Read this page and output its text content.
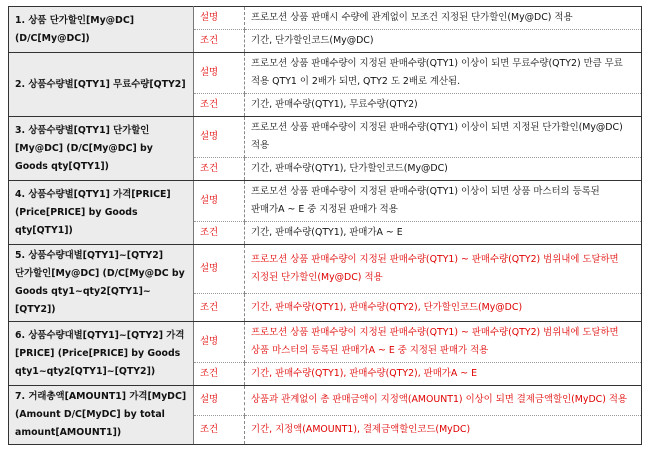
1. 상품 단가할인[My@DC] (D/C[My@DC])	설명	프로모션 상품 판매시 수량에 관계없이 모조건 지정된 단가할인(My@DC) 적용
	조건	기간, 단가할인코드(My@DC)
2. 상품수량별[QTY1] 무료수량[QTY2]	설명	프로모션 상품 판매수량이 지정된 판매수량(QTY1) 이상이 되면 무료수량(QTY2) 만큼 무료 적용 QTY1 이 2배가 되면, QTY2 도 2배로 계산됨.
	조건	기간, 판매수량(QTY1), 무료수량(QTY2)
3. 상품수량별[QTY1] 단가할인 [My@DC] (D/C[My@DC] by Goods qty[QTY1])	설명	프로모션 상품 판매수량이 지정된 판매수량(QTY1) 이상이 되면 지정된 단가할인(My@DC) 적용
	조건	기간, 판매수량(QTY1), 단가할인코드(My@DC)
4. 상품수량별[QTY1] 가격[PRICE] (Price[PRICE] by Goods qty[QTY1])	설명	프로모션 상품 판매수량이 지정된 판매수량(QTY1) 이상이 되면 상품 마스터의 등록된 판매가A ~ E 중 지정된 판매가 적용
	조건	기간, 판매수량(QTY1), 판매가A ~ E
5. 상품수량대별[QTY1]~[QTY2] 단가할인[My@DC] (D/C[My@DC by Goods qty1~qty2[QTY1]~[QTY2])	설명	프로모션 상품 판매수량이 지정된 판매수량(QTY1) ~ 판매수량(QTY2) 범위내에 도달하면 지정된 단가할인(My@DC) 적용
	조건	기간, 판매수량(QTY1), 판매수량(QTY2), 단가할인코드(My@DC)
6. 상품수량대별[QTY1]~[QTY2] 가격[PRICE] (Price[PRICE] by Goods qty1~qty2[QTY1]~[QTY2])	설명	프로모션 상품 판매수량이 지정된 판매수량(QTY1) ~ 판매수량(QTY2) 범위내에 도달하면 상품 마스터의 등록된 판매가A ~ E 중 지정된 판매가 적용
	조건	기간, 판매수량(QTY1), 판매수량(QTY2), 판매가A ~ E
7. 거래총액[AMOUNT1] 가격[MyDC] (Amount D/C[MyDC] by total amount[AMOUNT1])	설명	상품과 관계없이 총 판매금액이 지정액(AMOUNT1) 이상이 되면 결제금액할인(MyDC) 적용
	조건	기간, 지정액(AMOUNT1), 결제금액할인코드(MyDC)
